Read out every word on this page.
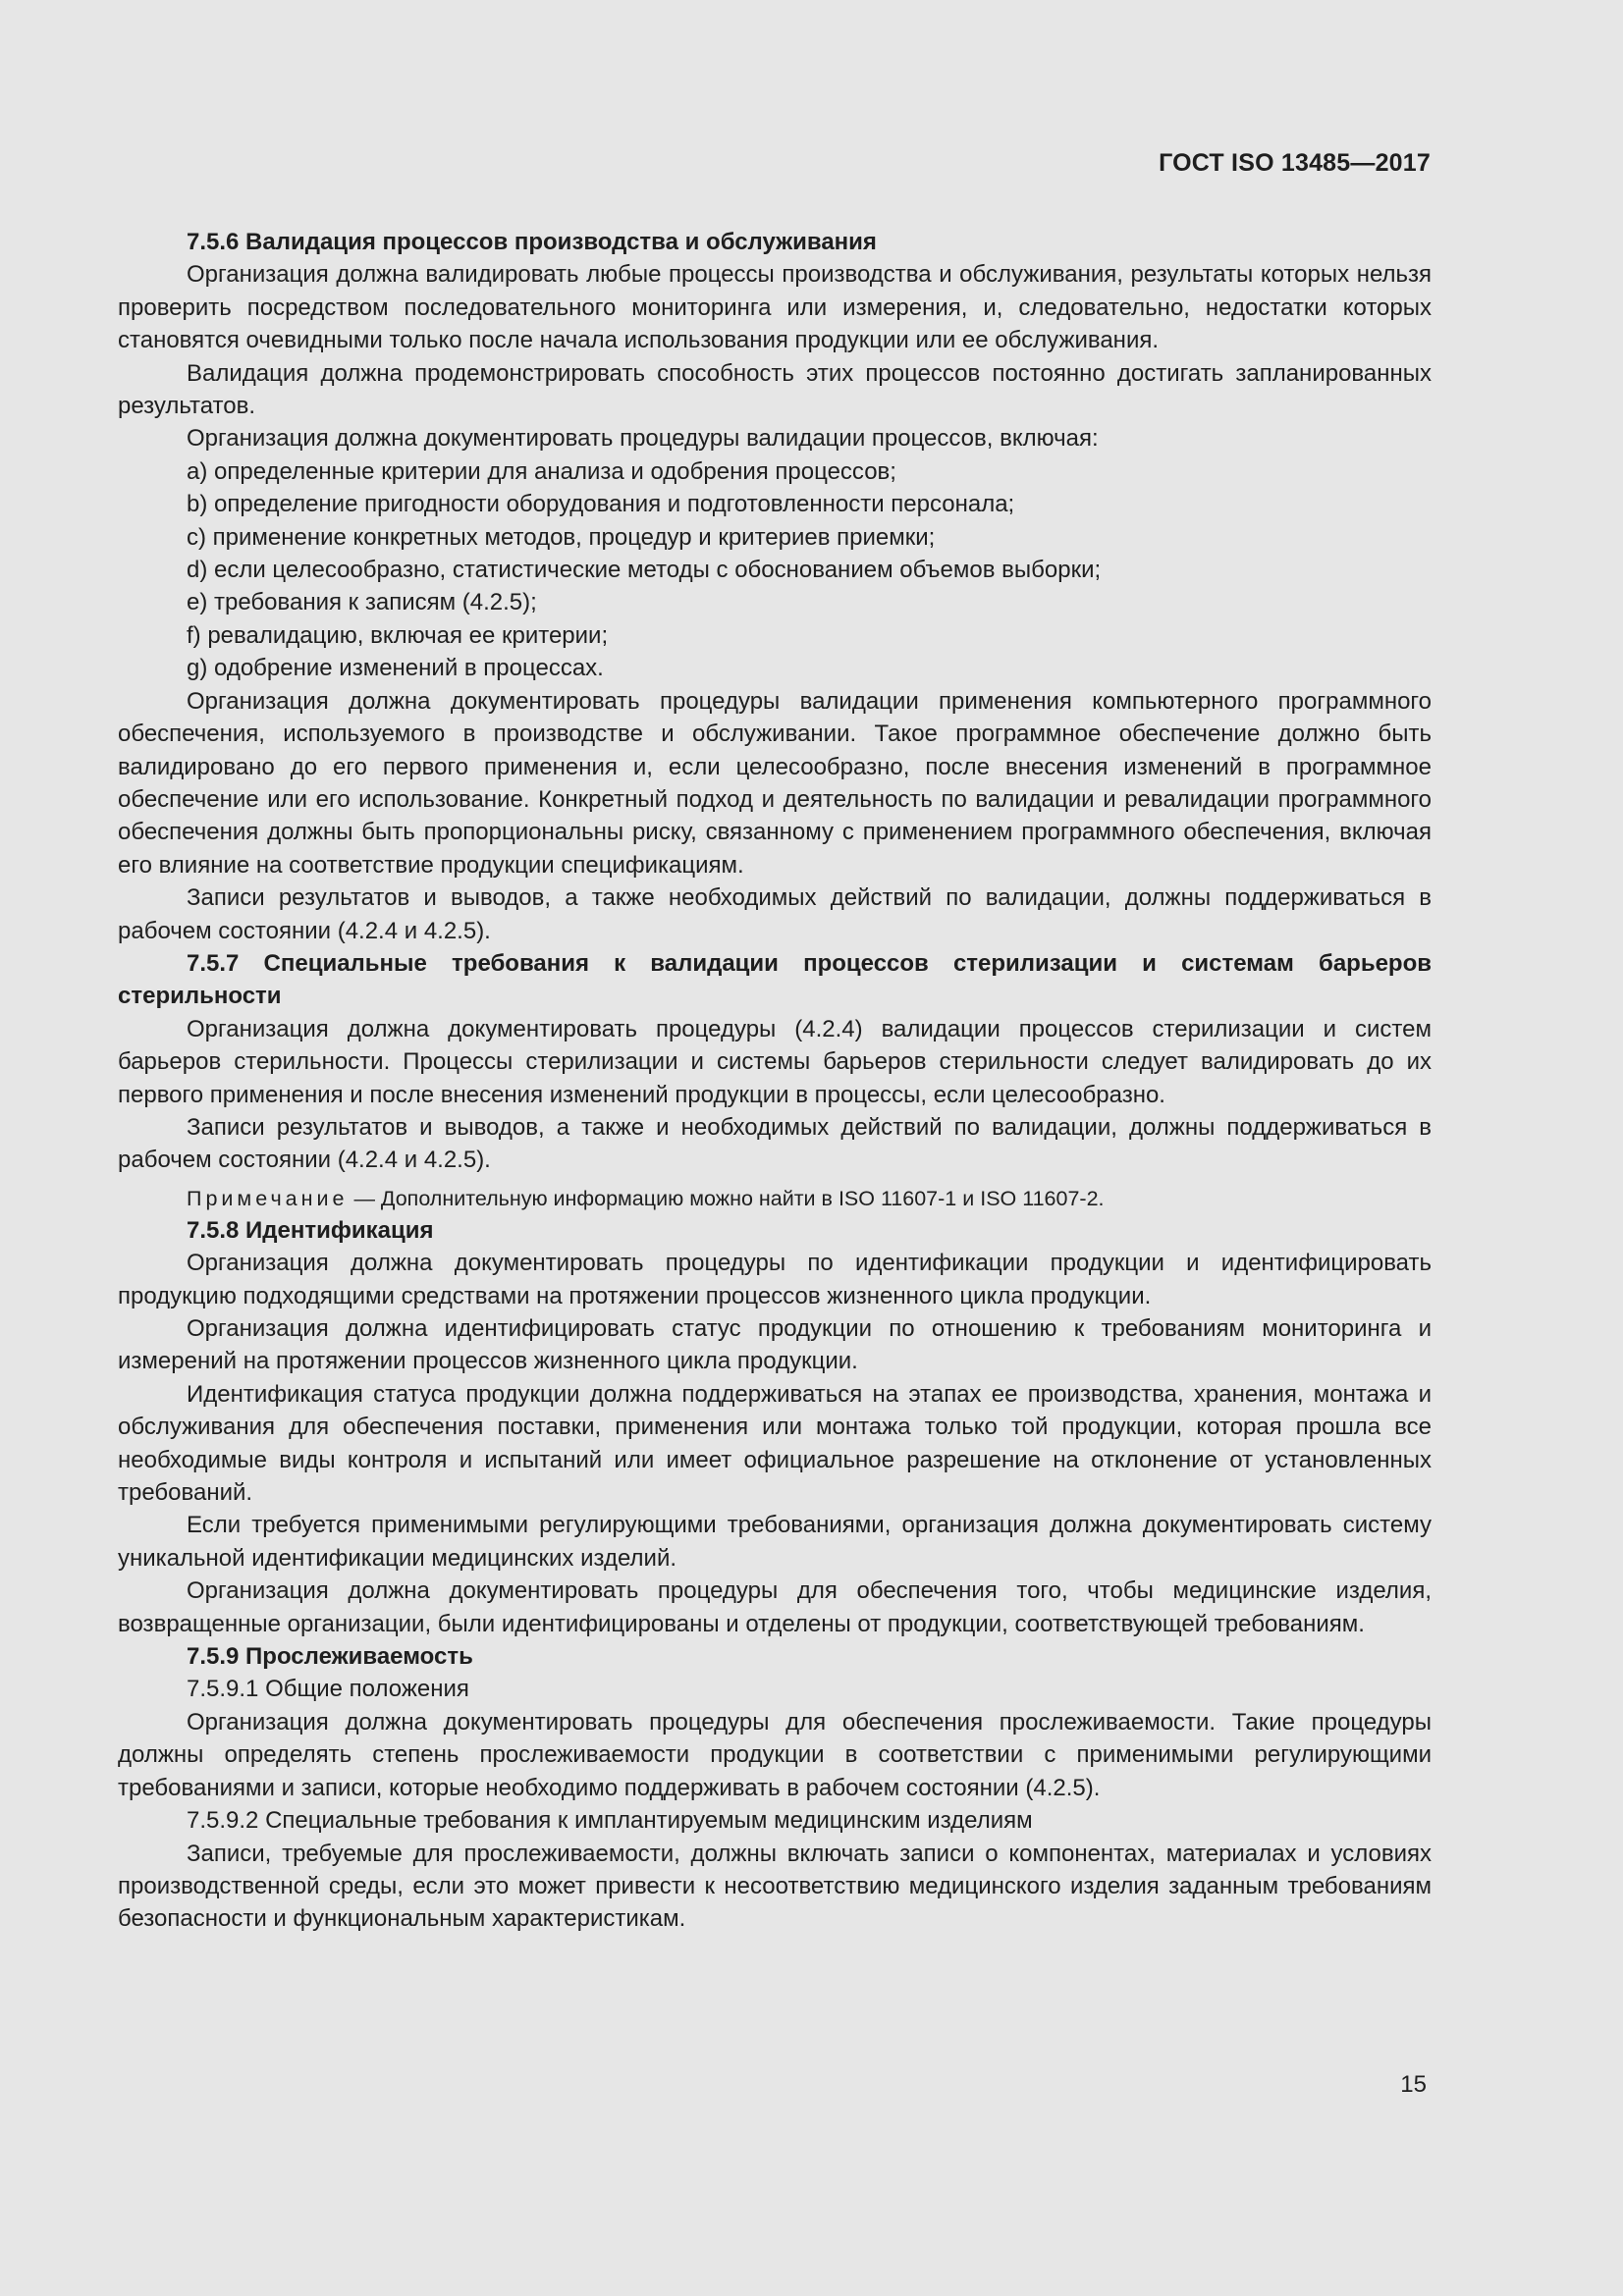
ГОСТ ISO 13485—2017

7.5.6 Валидация процессов производства и обслуживания

Организация должна валидировать любые процессы производства и обслуживания, результаты которых нельзя проверить посредством последовательного мониторинга или измерения, и, следовательно, недостатки которых становятся очевидными только после начала использования продукции или ее обслуживания.

Валидация должна продемонстрировать способность этих процессов постоянно достигать запланированных результатов.

Организация должна документировать процедуры валидации процессов, включая:

a) определенные критерии для анализа и одобрения процессов;

b) определение пригодности оборудования и подготовленности персонала;

c) применение конкретных методов, процедур и критериев приемки;

d) если целесообразно, статистические методы с обоснованием объемов выборки;

e) требования к записям (4.2.5);

f) ревалидацию, включая ее критерии;

g) одобрение изменений в процессах.

Организация должна документировать процедуры валидации применения компьютерного программного обеспечения, используемого в производстве и обслуживании. Такое программное обеспечение должно быть валидировано до его первого применения и, если целесообразно, после внесения изменений в программное обеспечение или его использование. Конкретный подход и деятельность по валидации и ревалидации программного обеспечения должны быть пропорциональны риску, связанному с применением программного обеспечения, включая его влияние на соответствие продукции спецификациям.

Записи результатов и выводов, а также необходимых действий по валидации, должны поддерживаться в рабочем состоянии (4.2.4 и 4.2.5).

7.5.7 Специальные требования к валидации процессов стерилизации и системам барьеров стерильности

Организация должна документировать процедуры (4.2.4) валидации процессов стерилизации и систем барьеров стерильности. Процессы стерилизации и системы барьеров стерильности следует валидировать до их первого применения и после внесения изменений продукции в процессы, если целесообразно.

Записи результатов и выводов, а также и необходимых действий по валидации, должны поддерживаться в рабочем состоянии (4.2.4 и 4.2.5).

Примечание — Дополнительную информацию можно найти в ISO 11607-1 и ISO 11607-2.

7.5.8 Идентификация

Организация должна документировать процедуры по идентификации продукции и идентифицировать продукцию подходящими средствами на протяжении процессов жизненного цикла продукции.

Организация должна идентифицировать статус продукции по отношению к требованиям мониторинга и измерений на протяжении процессов жизненного цикла продукции.

Идентификация статуса продукции должна поддерживаться на этапах ее производства, хранения, монтажа и обслуживания для обеспечения поставки, применения или монтажа только той продукции, которая прошла все необходимые виды контроля и испытаний или имеет официальное разрешение на отклонение от установленных требований.

Если требуется применимыми регулирующими требованиями, организация должна документировать систему уникальной идентификации медицинских изделий.

Организация должна документировать процедуры для обеспечения того, чтобы медицинские изделия, возвращенные организации, были идентифицированы и отделены от продукции, соответствующей требованиям.

7.5.9 Прослеживаемость

7.5.9.1 Общие положения

Организация должна документировать процедуры для обеспечения прослеживаемости. Такие процедуры должны определять степень прослеживаемости продукции в соответствии с применимыми регулирующими требованиями и записи, которые необходимо поддерживать в рабочем состоянии (4.2.5).

7.5.9.2 Специальные требования к имплантируемым медицинским изделиям

Записи, требуемые для прослеживаемости, должны включать записи о компонентах, материалах и условиях производственной среды, если это может привести к несоответствию медицинского изделия заданным требованиям безопасности и функциональным характеристикам.

15
